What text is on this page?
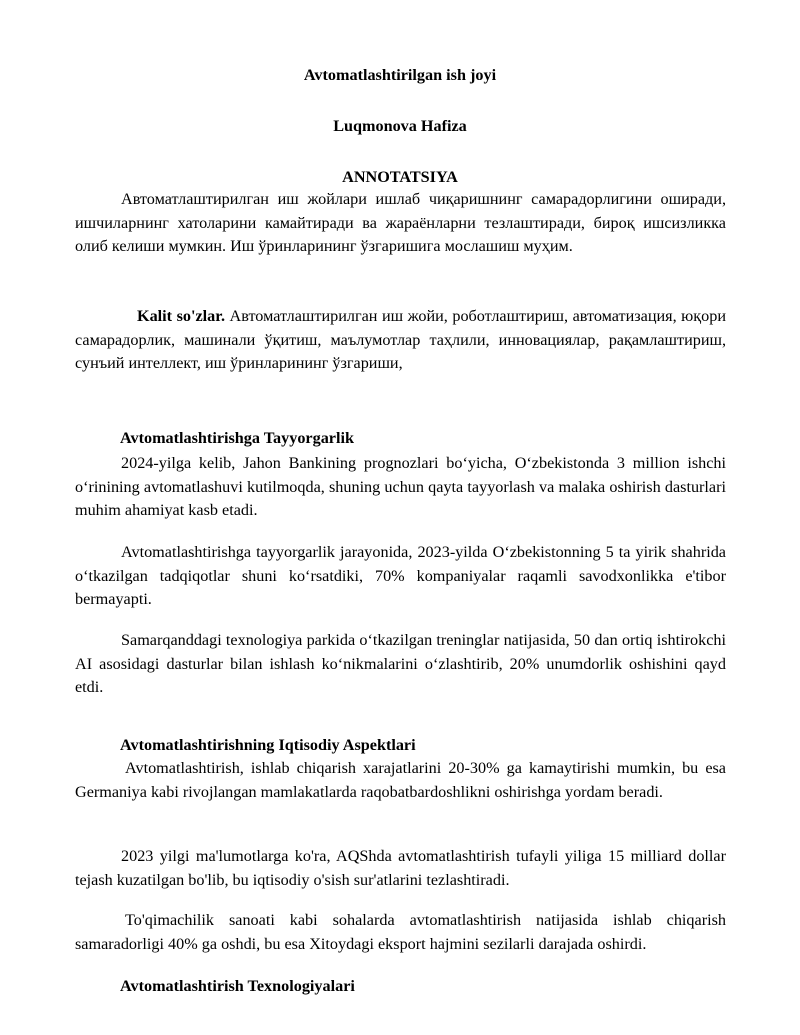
Avtomatlashtirilgan ish joyi
Luqmonova Hafiza
ANNOTATSIYA

Автоматлаштирилган иш жойлари ишлаб чиқаришнинг самарадорлигини оширади, ишчиларнинг хатоларини камайтиради ва жараёнларни тезлаштиради, бироқ ишсизликка олиб келиши мумкин. Иш ўринларининг ўзгаришига мослашиш муҳим.

Kalit so'zlar. Автоматлаштирилган иш жойи, роботлаштириш, автоматизация, юқори самарадорлик, машинали ўқитиш, маълумотлар таҳлили, инновациялар, рақамлаштириш, сунъий интеллект, иш ўринларининг ўзгариши,

Avtomatlashtirishga Tayyorgarlik

2024-yilga kelib, Jahon Bankining prognozlari boʻyicha, Oʻzbekistonda 3 million ishchi oʻrinining avtomatlashuvi kutilmoqda, shuning uchun qayta tayyorlash va malaka oshirish dasturlari muhim ahamiyat kasb etadi.

Avtomatlashtirishga tayyorgarlik jarayonida, 2023-yilda Oʻzbekistonning 5 ta yirik shahrida oʻtkazilgan tadqiqotlar shuni koʻrsatdiki, 70% kompaniyalar raqamli savodxonlikka e'tibor bermayapti.

Samarqanddagi texnologiya parkida oʻtkazilgan treninglar natijasida, 50 dan ortiq ishtirokchi AI asosidagi dasturlar bilan ishlash koʻnikmalarini oʻzlashtirib, 20% unumdorlik oshishini qayd etdi.

Avtomatlashtirishning Iqtisodiy Aspektlari

Avtomatlashtirish, ishlab chiqarish xarajatlarini 20-30% ga kamaytirishi mumkin, bu esa Germaniya kabi rivojlangan mamlakatlarda raqobatbardoshlikni oshirishga yordam beradi.

2023 yilgi ma'lumotlarga ko'ra, AQShda avtomatlashtirish tufayli yiliga 15 milliard dollar tejash kuzatilgan bo'lib, bu iqtisodiy o'sish sur'atlarini tezlashtiradi.

To'qimachilik sanoati kabi sohalarda avtomatlashtirish natijasida ishlab chiqarish samaradorligi 40% ga oshdi, bu esa Xitoydagi eksport hajmini sezilarli darajada oshirdi.

Avtomatlashtirish Texnologiyalari
